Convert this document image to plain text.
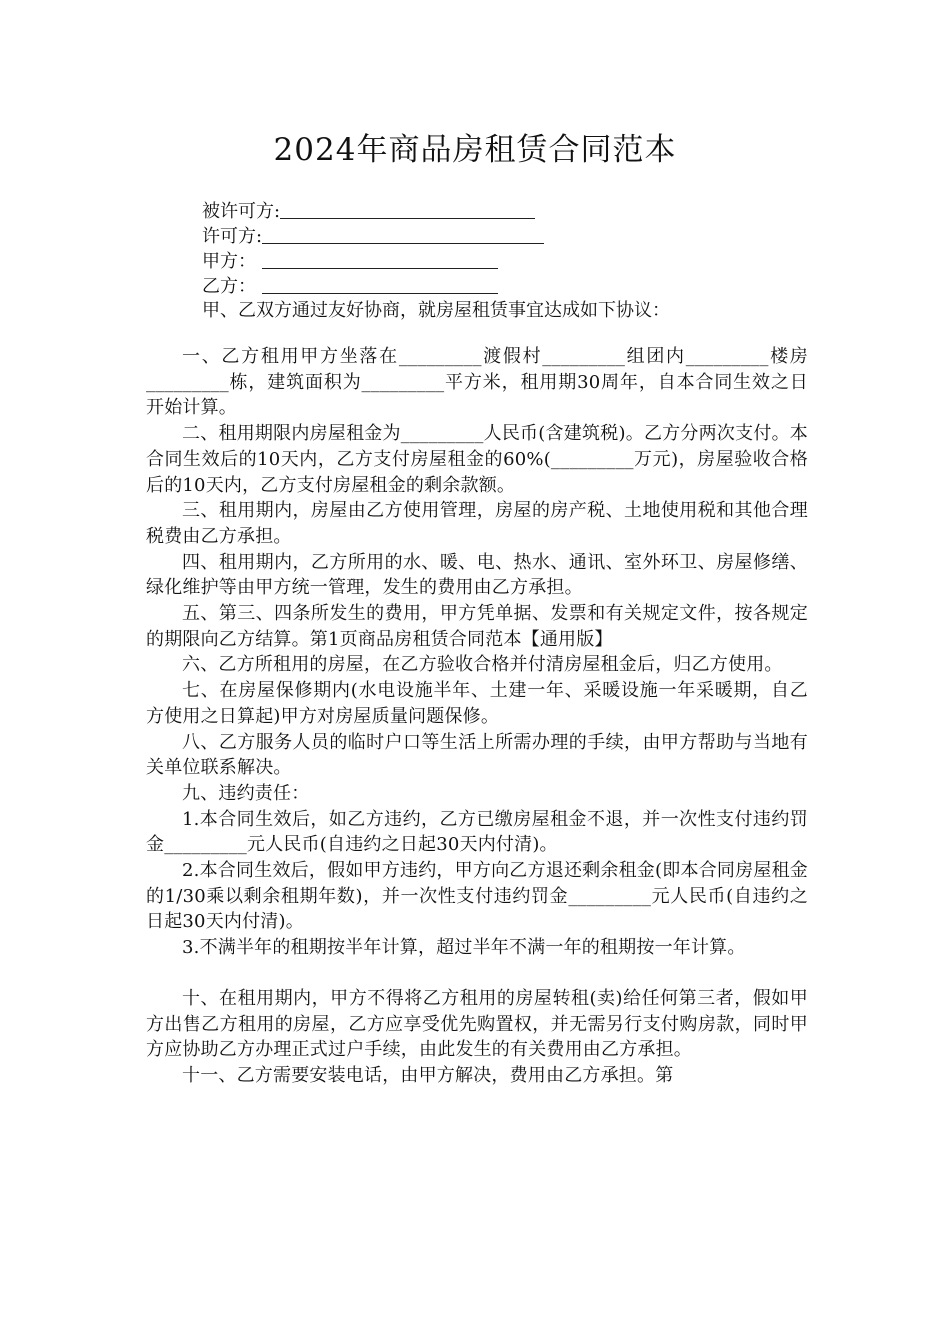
2024年商品房租赁合同范本
被许可方:
许可方:
甲方：
乙方：
甲、乙双方通过友好协商，就房屋租赁事宜达成如下协议：

一、乙方租用甲方坐落在_________渡假村_________组团内_________楼房_________栋，建筑面积为_________平方米，租用期30周年，自本合同生效之日开始计算。

二、租用期限内房屋租金为_________人民币(含建筑税)。乙方分两次支付。本合同生效后的10天内，乙方支付房屋租金的60%(_________万元)，房屋验收合格后的10天内，乙方支付房屋租金的剩余款额。

三、租用期内，房屋由乙方使用管理，房屋的房产税、土地使用税和其他合理税费由乙方承担。

四、租用期内，乙方所用的水、暖、电、热水、通讯、室外环卫、房屋修缮、绿化维护等由甲方统一管理，发生的费用由乙方承担。

五、第三、四条所发生的费用，甲方凭单据、发票和有关规定文件，按各规定的期限向乙方结算。第1页商品房租赁合同范本【通用版】

六、乙方所租用的房屋，在乙方验收合格并付清房屋租金后，归乙方使用。

七、在房屋保修期内(水电设施半年、土建一年、采暖设施一年采暖期，自乙方使用之日算起)甲方对房屋质量问题保修。

八、乙方服务人员的临时户口等生活上所需办理的手续，由甲方帮助与当地有关单位联系解决。

九、违约责任：

1.本合同生效后，如乙方违约，乙方已缴房屋租金不退，并一次性支付违约罚金_________元人民币(自违约之日起30天内付清)。

2.本合同生效后，假如甲方违约，甲方向乙方退还剩余租金(即本合同房屋租金的1/30乘以剩余租期年数)，并一次性支付违约罚金_________元人民币(自违约之日起30天内付清)。

3.不满半年的租期按半年计算，超过半年不满一年的租期按一年计算。

十、在租用期内，甲方不得将乙方租用的房屋转租(卖)给任何第三者，假如甲方出售乙方租用的房屋，乙方应享受优先购置权，并无需另行支付购房款，同时甲方应协助乙方办理正式过户手续，由此发生的有关费用由乙方承担。

十一、乙方需要安装电话，由甲方解决，费用由乙方承担。第
